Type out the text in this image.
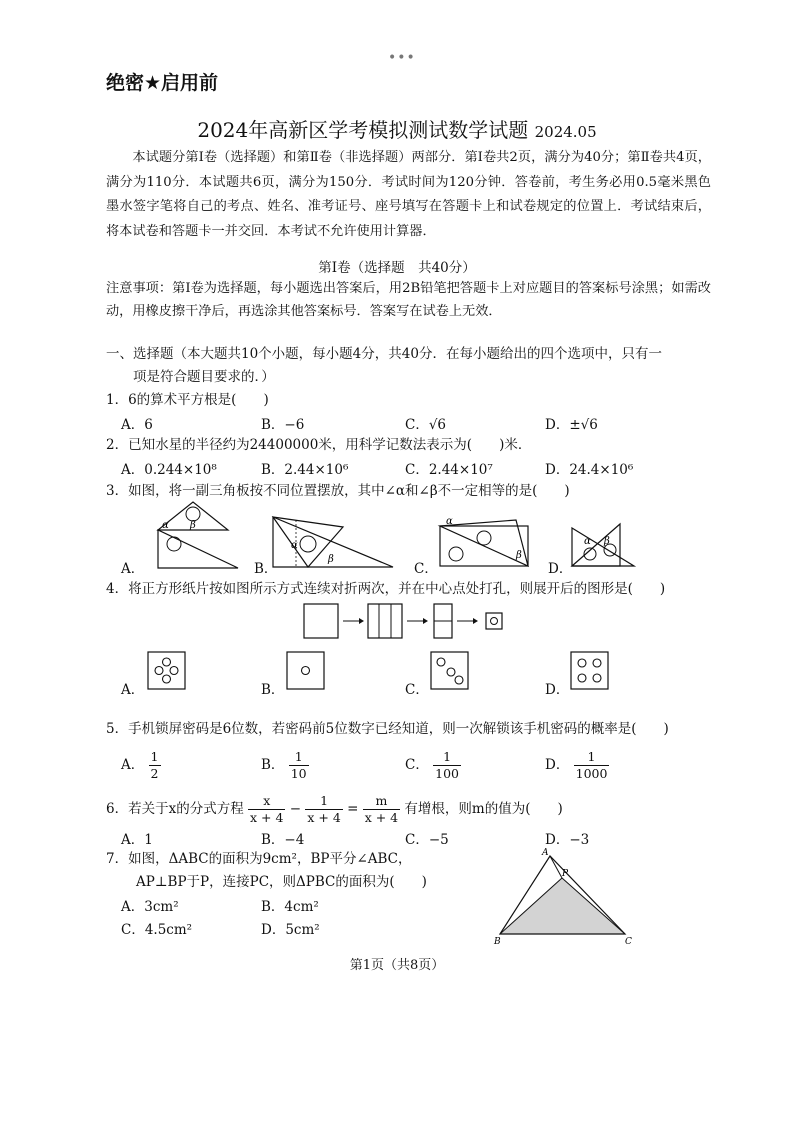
•••
绝密★启用前
2024年高新区学考模拟测试数学试题 2024.05
本试题分第Ⅰ卷（选择题）和第Ⅱ卷（非选择题）两部分．第Ⅰ卷共2页，满分为40分；第Ⅱ卷共4页，满分为110分．本试题共6页，满分为150分．考试时间为120分钟．答卷前，考生务必用0.5毫米黑色墨水签字笔将自己的考点、姓名、准考证号、座号填写在答题卡上和试卷规定的位置上．考试结束后，将本试卷和答题卡一并交回．本考试不允许使用计算器．
第Ⅰ卷（选择题　共40分）
注意事项：第Ⅰ卷为选择题，每小题选出答案后，用2B铅笔把答题卡上对应题目的答案标号涂黑；如需改动，用橡皮擦干净后，再选涂其他答案标号．答案写在试卷上无效．
一、选择题（本大题共10个小题，每小题4分，共40分．在每小题给出的四个选项中，只有一
项是符合题目要求的．）
1．6的算术平方根是(　　)
A．6	B．−6	C．√6	D．±√6
2．已知水星的半径约为24400000米，用科学记数法表示为(　　)米．
A．0.244×10⁸	B．2.44×10⁶	C．2.44×10⁷	D．24.4×10⁶
3．如图，将一副三角板按不同位置摆放，其中∠α和∠β不一定相等的是(　　)
A．	B．	C．	D．
α β
α
β
α
β
α β
4．将正方形纸片按如图所示方式连续对折两次，并在中心点处打孔，则展开后的图形是(　　)
A．	B．	C．	D．
5．手机锁屏密码是6位数，若密码前5位数字已经知道，则一次解锁该手机密码的概率是(　　)
A． $\frac{1}{2}$	B． $\frac{1}{10}$	C． $\frac{1}{100}$	D． $\frac{1}{1000}$
6．若关于x的分式方程 $\frac{x}{x + 4} - \frac{1}{x + 4} = \frac{m}{x + 4}$ 有增根，则m的值为(　　)
A．1	B．−4	C．−5	D．−3
7．如图，ΔABC的面积为9cm²，BP平分∠ABC，
AP⊥BP于P，连接PC，则ΔPBC的面积为(　　)
A．3cm²	B．4cm²
C．4.5cm²	D．5cm²
A
P
B	C
第1页（共8页）
